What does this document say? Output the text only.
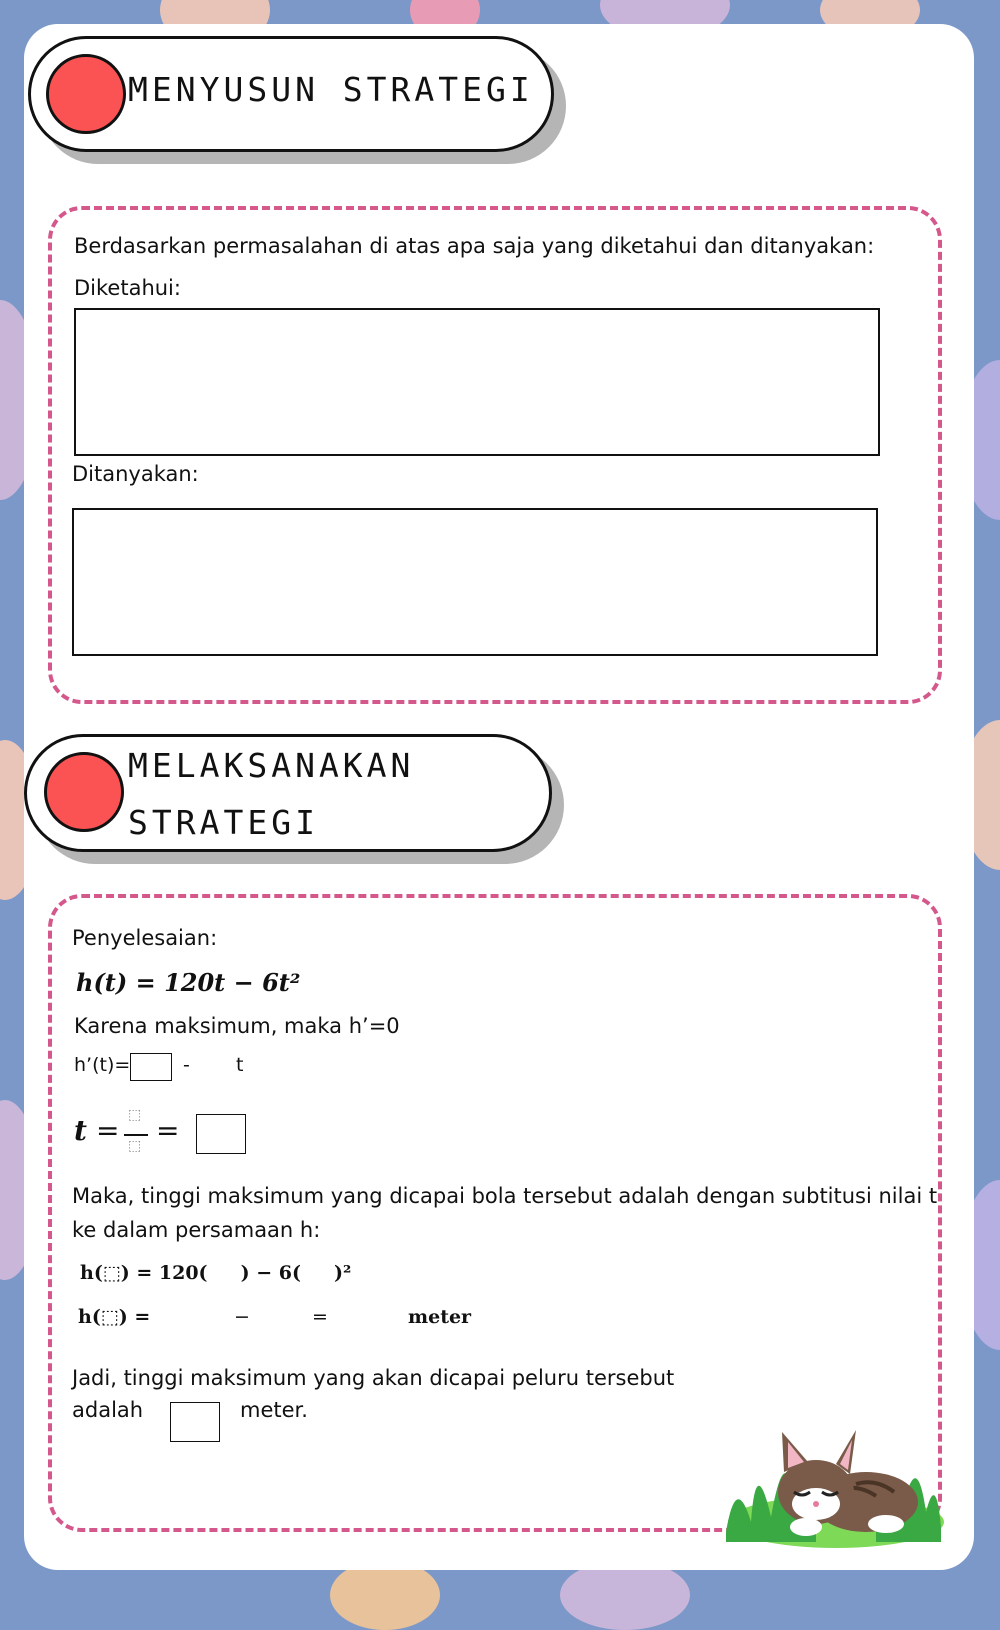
MENYUSUN STRATEGI
Berdasarkan permasalahan di atas apa saja yang diketahui dan ditanyakan:
Diketahui:
Ditanyakan:
MELAKSANAKAN
STRATEGI
Penyelesaian:
h(t) = 120t − 6t²
Karena maksimum, maka h’=0
h’(t)=	- t
t = ⬚
⬚ =
Maka, tinggi maksimum yang dicapai bola tersebut adalah dengan subtitusi nilai t
ke dalam persamaan h:
h(⬚) = 120(     ) − 6(     )²
h(⬚) =	−	=	meter
Jadi, tinggi maksimum yang akan dicapai peluru tersebut
adalah	meter.
